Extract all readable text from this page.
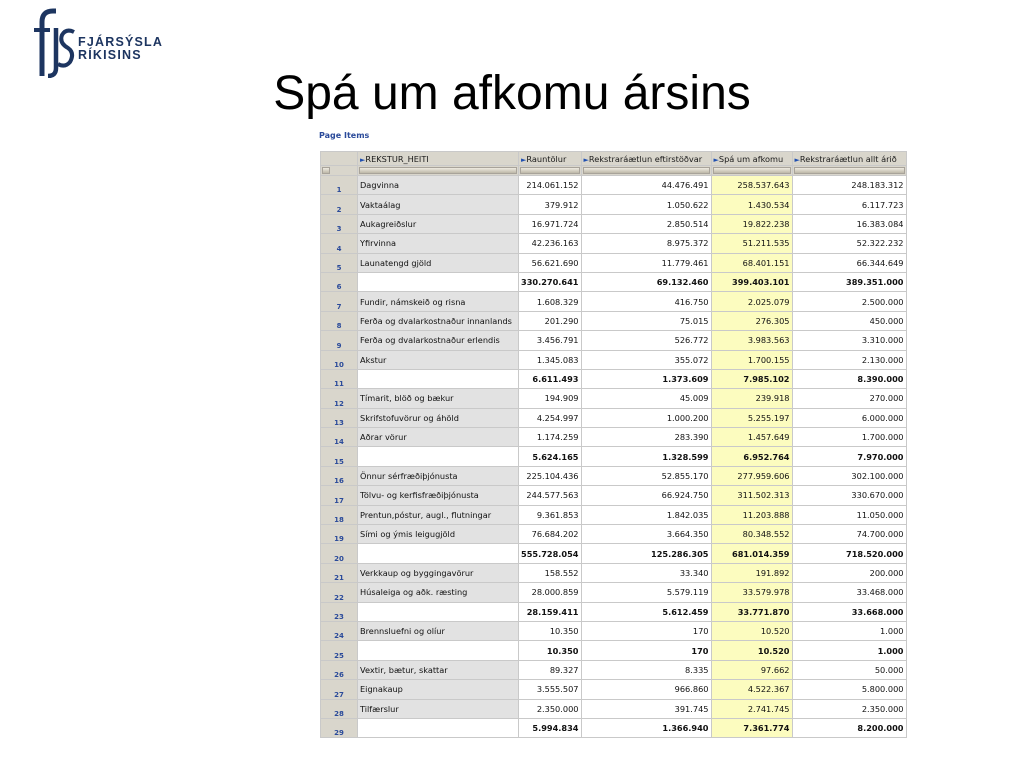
FJÁRSÝSLA
RÍKISINS
Spá um afkomu ársins
Page Items
	►REKSTUR_HEITI	►Rauntölur	►Rekstraráætlun eftirstöðvar	►Spá um afkomu	►Rekstraráætlun allt árið

1	Dagvinna	214.061.152	44.476.491	258.537.643	248.183.312
2	Vaktaálag	379.912	1.050.622	1.430.534	6.117.723
3	Aukagreiðslur	16.971.724	2.850.514	19.822.238	16.383.084
4	Yfirvinna	42.236.163	8.975.372	51.211.535	52.322.232
5	Launatengd gjöld	56.621.690	11.779.461	68.401.151	66.344.649
6		330.270.641	69.132.460	399.403.101	389.351.000
7	Fundir, námskeið og risna	1.608.329	416.750	2.025.079	2.500.000
8	Ferða og dvalarkostnaður innanlands	201.290	75.015	276.305	450.000
9	Ferða og dvalarkostnaður erlendis	3.456.791	526.772	3.983.563	3.310.000
10	Akstur	1.345.083	355.072	1.700.155	2.130.000
11		6.611.493	1.373.609	7.985.102	8.390.000
12	Tímarit, blöð og bækur	194.909	45.009	239.918	270.000
13	Skrifstofuvörur og áhöld	4.254.997	1.000.200	5.255.197	6.000.000
14	Aðrar vörur	1.174.259	283.390	1.457.649	1.700.000
15		5.624.165	1.328.599	6.952.764	7.970.000
16	Önnur sérfræðiþjónusta	225.104.436	52.855.170	277.959.606	302.100.000
17	Tölvu- og kerfisfræðiþjónusta	244.577.563	66.924.750	311.502.313	330.670.000
18	Prentun,póstur, augl., flutningar	9.361.853	1.842.035	11.203.888	11.050.000
19	Sími og ýmis leigugjöld	76.684.202	3.664.350	80.348.552	74.700.000
20		555.728.054	125.286.305	681.014.359	718.520.000
21	Verkkaup og byggingavörur	158.552	33.340	191.892	200.000
22	Húsaleiga og aðk. ræsting	28.000.859	5.579.119	33.579.978	33.468.000
23		28.159.411	5.612.459	33.771.870	33.668.000
24	Brennsluefni og olíur	10.350	170	10.520	1.000
25		10.350	170	10.520	1.000
26	Vextir, bætur, skattar	89.327	8.335	97.662	50.000
27	Eignakaup	3.555.507	966.860	4.522.367	5.800.000
28	Tilfærslur	2.350.000	391.745	2.741.745	2.350.000
29		5.994.834	1.366.940	7.361.774	8.200.000
